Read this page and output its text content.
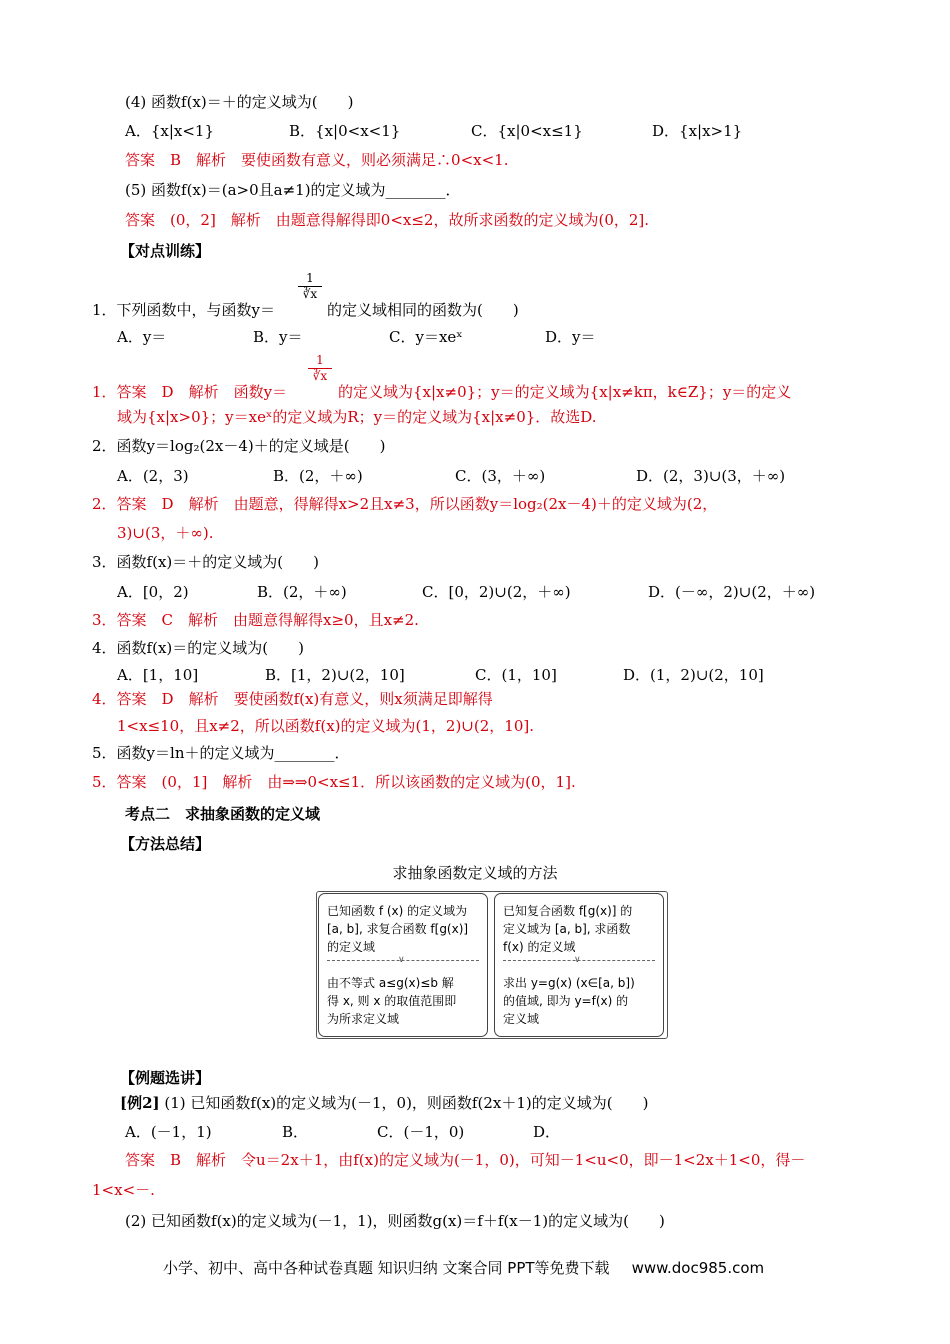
(4) 函数f(x)＝＋的定义域为(　　)
A．{x|x<1}	B．{x|0<x<1}	C．{x|0<x≤1}	D．{x|x>1}
答案　B　解析　要使函数有意义，则必须满足∴0<x<1.
(5) 函数f(x)＝(a>0且a≠1)的定义域为________．
答案　(0，2]　解析　由题意得解得即0<x≤2，故所求函数的定义域为(0，2].
【对点训练】
$\frac{1}{∛x}$
1．下列函数中，与函数y＝	的定义域相同的函数为(　　)
A．y＝	B．y＝	C．y＝xeˣ	D．y＝
$\frac{1}{∛x}$
1．答案　D　解析　函数y＝	的定义域为{x|x≠0}；y＝的定义域为{x|x≠kπ，k∈Z}；y＝的定义
域为{x|x>0}；y＝xeˣ的定义域为R；y＝的定义域为{x|x≠0}．故选D.
2．函数y＝log₂(2x－4)＋的定义域是(　　)
A．(2，3)	B．(2，＋∞)	C．(3，＋∞)	D．(2，3)∪(3，＋∞)
2．答案　D　解析　由题意，得解得x>2且x≠3，所以函数y＝log₂(2x－4)＋的定义域为(2，
3)∪(3，＋∞).
3．函数f(x)＝＋的定义域为(　　)
A．[0，2)	B．(2，＋∞)	C．[0，2)∪(2，＋∞)	D．(－∞，2)∪(2，＋∞)
3．答案　C　解析　由题意得解得x≥0，且x≠2.
4．函数f(x)＝的定义域为(　　)
A．[1，10]	B．[1，2)∪(2，10]	C．(1，10]	D．(1，2)∪(2，10]
4．答案　D　解析　要使函数f(x)有意义，则x须满足即解得
1<x≤10，且x≠2，所以函数f(x)的定义域为(1，2)∪(2，10].
5．函数y＝ln＋的定义域为________．
5．答案　(0，1]　解析　由⇒⇒0<x≤1．所以该函数的定义域为(0，1].
考点二　求抽象函数的定义域
【方法总结】
求抽象函数定义域的方法
已知函数 f (x) 的定义域为
[a, b], 求复合函数 f[g(x)]
的定义域
∨
由不等式 a≤g(x)≤b 解
得 x, 则 x 的取值范围即
为所求定义域
已知复合函数 f[g(x)] 的
定义域为 [a, b], 求函数
f(x) 的定义域
∨
求出 y=g(x) (x∈[a, b])
的值域, 即为 y=f(x) 的
定义域
【例题选讲】
[例2] (1) 已知函数f(x)的定义域为(－1，0)，则函数f(2x＋1)的定义域为(　　)
A．(－1，1)	B．	C．(－1，0)	D．
答案　B　解析　令u＝2x＋1，由f(x)的定义域为(－1，0)，可知－1<u<0，即－1<2x＋1<0，得－
1<x<－.
(2) 已知函数f(x)的定义域为(－1，1)，则函数g(x)＝f＋f(x－1)的定义域为(　　)
小学、初中、高中各种试卷真题 知识归纳 文案合同 PPT等免费下载 www.doc985.com
